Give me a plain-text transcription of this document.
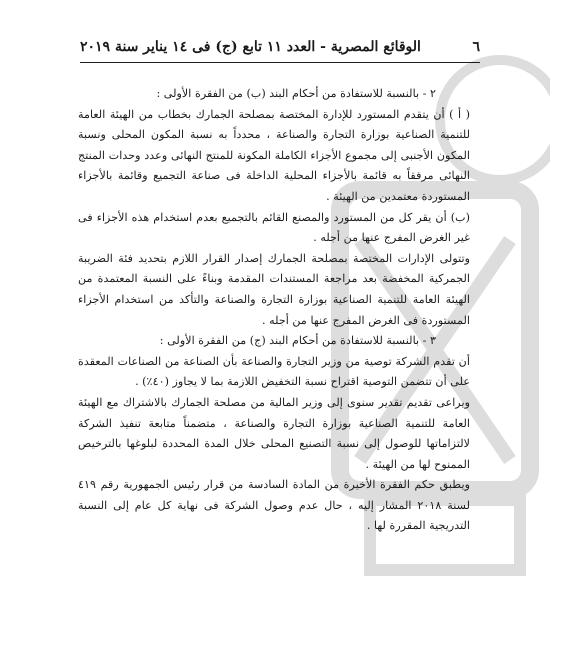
٦
الوقائع المصرية - العدد ١١ تابع (ج) فى ١٤ يناير سنة ٢٠١٩

٢ - بالنسبة للاستفادة من أحكام البند (ب) من الفقرة الأولى :

( أ ) أن يتقدم المستورد للإدارة المختصة بمصلحة الجمارك بخطاب من الهيئة العامة للتنمية الصناعية بوزارة التجارة والصناعة ، محدداً به نسبة المكون المحلى ونسبة المكون الأجنبى إلى مجموع الأجزاء الكاملة المكونة للمنتج النهائى وعدد وحدات المنتج النهائى مرفقاً به قائمة بالأجزاء المحلية الداخلة فى صناعة التجميع وقائمة بالأجزاء المستوردة معتمدين من الهيئة .

(ب) أن يقر كل من المستورد والمصنع القائم بالتجميع بعدم استخدام هذه الأجزاء فى غير الغرض المفرج عنها من أجله .

وتتولى الإدارات المختصة بمصلحة الجمارك إصدار القرار اللازم بتحديد فئة الضريبة الجمركية المخفضة بعد مراجعة المستندات المقدمة وبناءً على النسبة المعتمدة من الهيئة العامة للتنمية الصناعية بوزارة التجارة والصناعة والتأكد من استخدام الأجزاء المستوردة فى الغرض المفرج عنها من أجله .

٣ - بالنسبة للاستفادة من أحكام البند (ج) من الفقرة الأولى :

أن تقدم الشركة توصية من وزير التجارة والصناعة بأن الصناعة من الصناعات المعقدة على أن تتضمن التوصية اقتراح نسبة التخفيض اللازمة بما لا يجاوز (٤٠٪) .

ويراعى تقديم تقدير سنوى إلى وزير المالية من مصلحة الجمارك بالاشتراك مع الهيئة العامة للتنمية الصناعية بوزارة التجارة والصناعة ، متضمناً متابعة تنفيذ الشركة لالتزاماتها للوصول إلى نسبة التصنيع المحلى خلال المدة المحددة لبلوغها بالترخيص الممنوح لها من الهيئة .

ويطبق حكم الفقرة الأخيرة من المادة السادسة من قرار رئيس الجمهورية رقم ٤١٩ لسنة ٢٠١٨ المشار إليه ، حال عدم وصول الشركة فى نهاية كل عام إلى النسبة التدريجية المقررة لها .
